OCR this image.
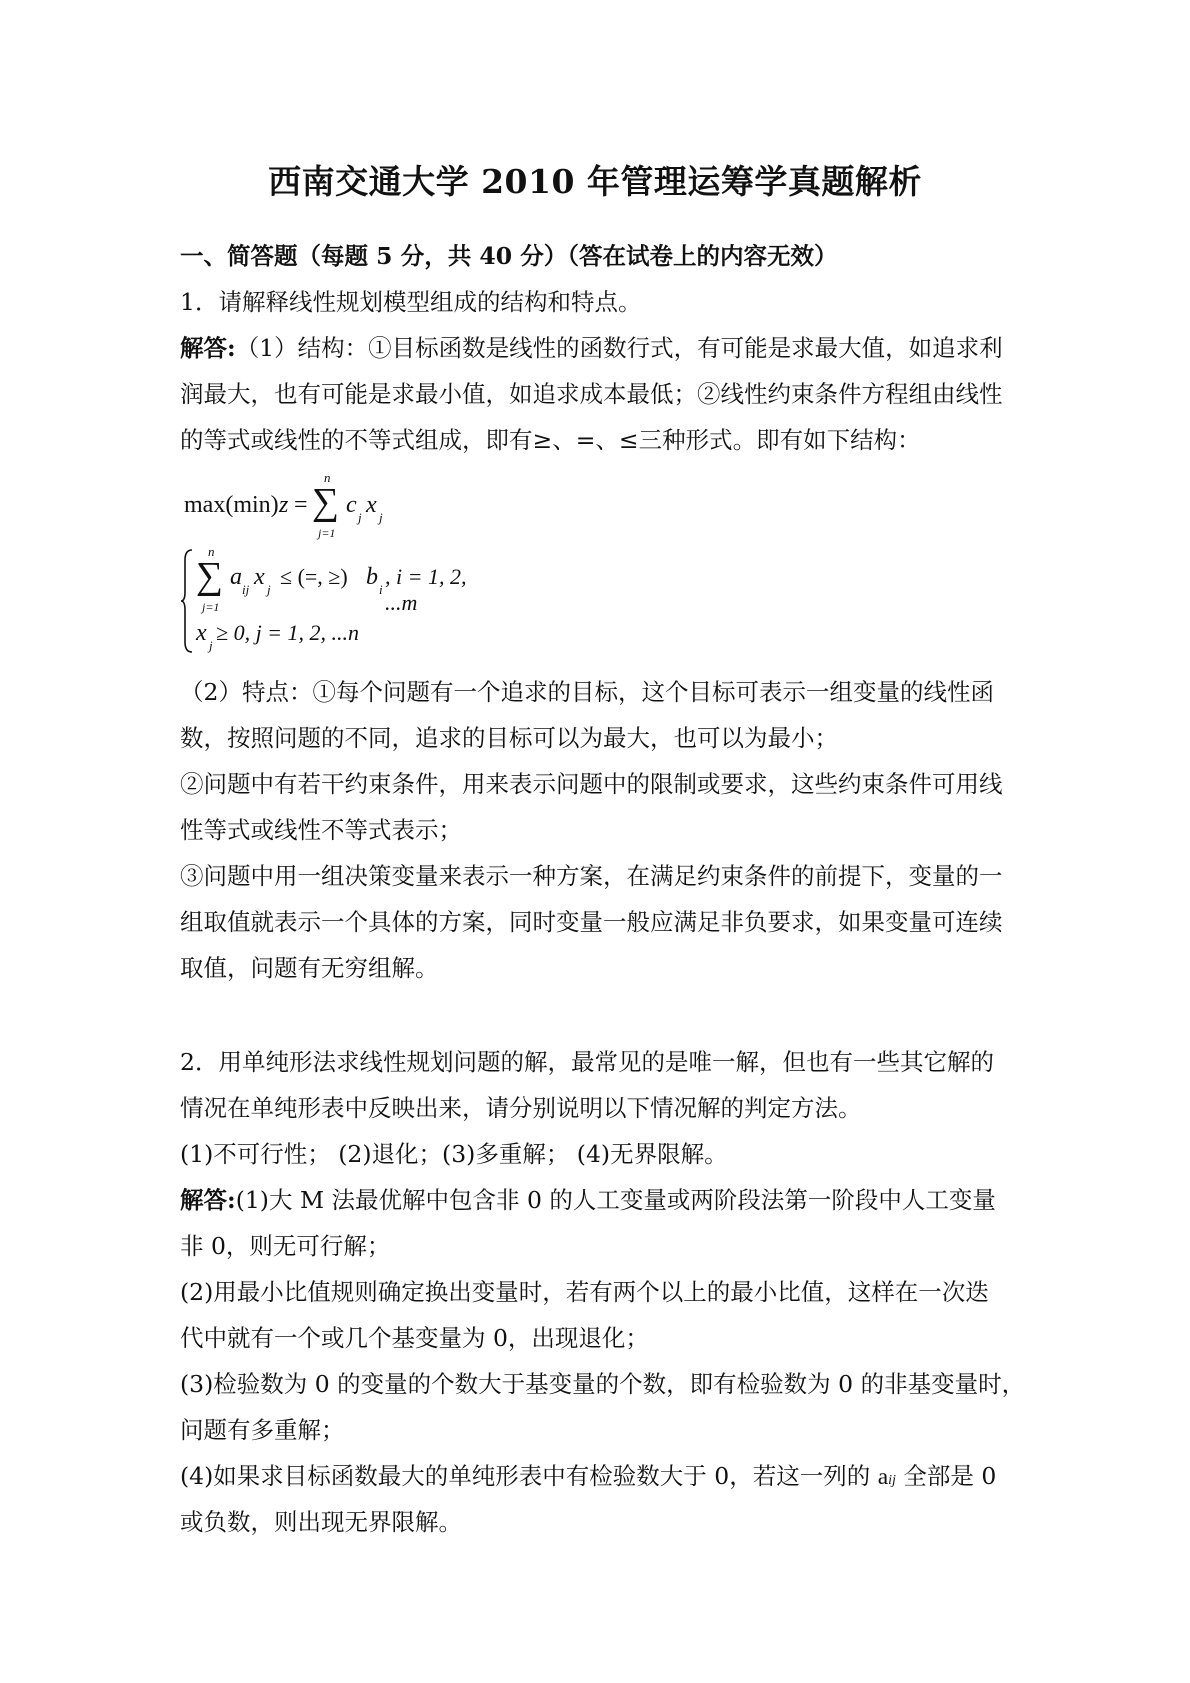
西南交通大学 2010 年管理运筹学真题解析
一、简答题（每题 5 分，共 40 分）（答在试卷上的内容无效）
1．请解释线性规划模型组成的结构和特点。
解答:（1）结构：①目标函数是线性的函数行式，有可能是求最大值，如追求利
润最大，也有可能是求最小值，如追求成本最低；②线性约束条件方程组由线性
的等式或线性的不等式组成，即有≥、=、≤三种形式。即有如下结构：
max(min) z =
n
∑
j=1
c j x j
n
∑
j=1
a ij x j
≤ (=, ≥) b i
, i = 1, 2, ...m
x j
≥ 0, j = 1, 2, ...n
（2）特点：①每个问题有一个追求的目标，这个目标可表示一组变量的线性函
数，按照问题的不同，追求的目标可以为最大，也可以为最小；
②问题中有若干约束条件，用来表示问题中的限制或要求，这些约束条件可用线
性等式或线性不等式表示；
③问题中用一组决策变量来表示一种方案，在满足约束条件的前提下，变量的一
组取值就表示一个具体的方案，同时变量一般应满足非负要求，如果变量可连续
取值，问题有无穷组解。
2．用单纯形法求线性规划问题的解，最常见的是唯一解，但也有一些其它解的
情况在单纯形表中反映出来，请分别说明以下情况解的判定方法。
(1)不可行性； (2)退化；(3)多重解； (4)无界限解。
解答:(1)大 M 法最优解中包含非 0 的人工变量或两阶段法第一阶段中人工变量
非 0，则无可行解；
(2)用最小比值规则确定换出变量时，若有两个以上的最小比值，这样在一次迭
代中就有一个或几个基变量为 0，出现退化；
(3)检验数为 0 的变量的个数大于基变量的个数，即有检验数为 0 的非基变量时，
问题有多重解；
(4)如果求目标函数最大的单纯形表中有检验数大于 0，若这一列的 aij 全部是 0
或负数，则出现无界限解。
